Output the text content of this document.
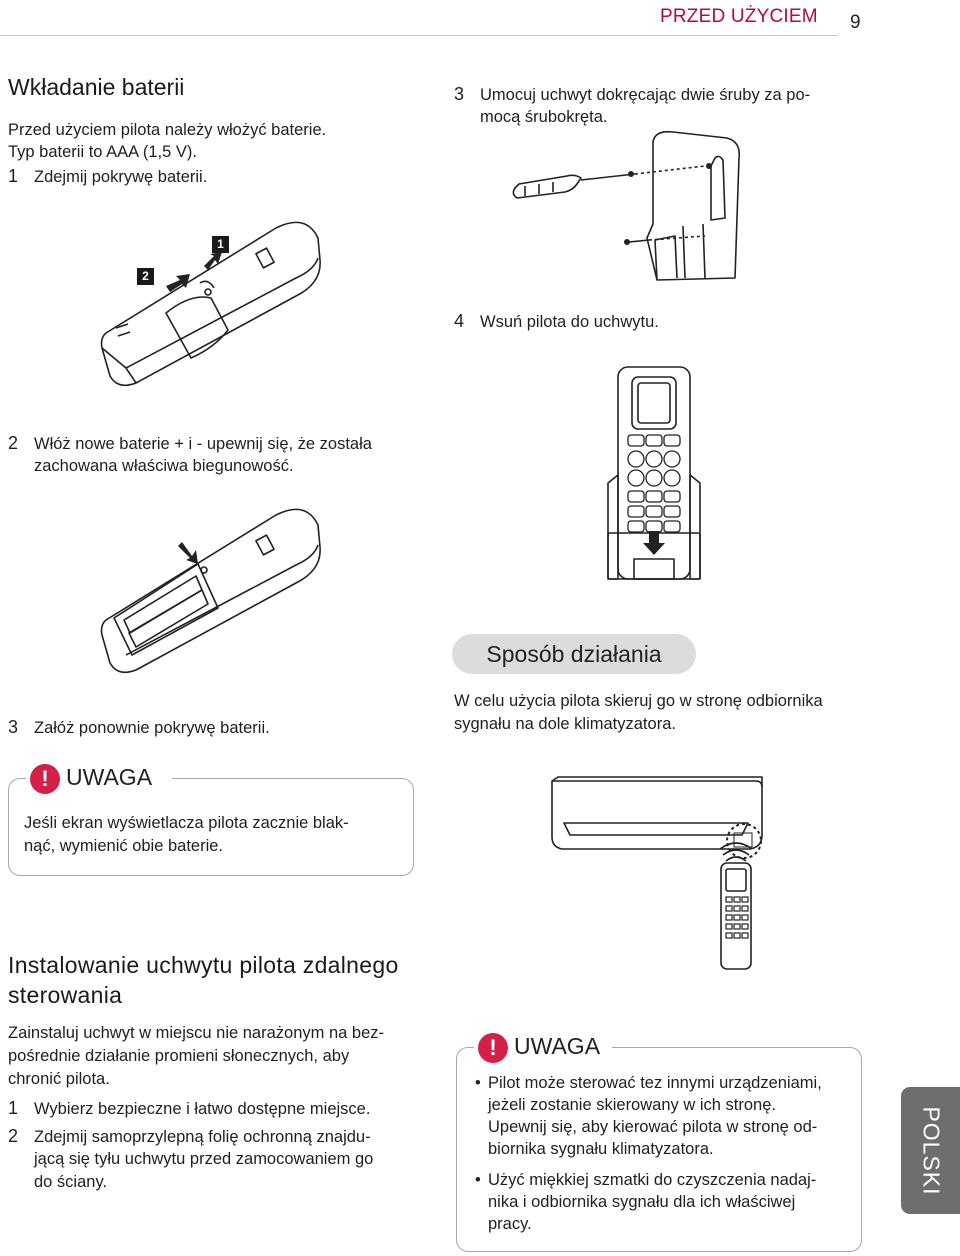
PRZED UŻYCIEM 9
Wkładanie baterii
Przed użyciem pilota należy włożyć baterie.
Typ baterii to AAA (1,5 V).
1 Zdejmij pokrywę baterii.
1
2
2 Włóż nowe baterie + i - upewnij się, że została
zachowana właściwa biegunowość.
3 Załóż ponownie pokrywę baterii.
! UWAGA
Jeśli ekran wyświetlacza pilota zacznie blak-
nąć, wymienić obie baterie.
Instalowanie uchwytu pilota zdalnego
sterowania
Zainstaluj uchwyt w miejscu nie narażonym na bez-
pośrednie działanie promieni słonecznych, aby
chronić pilota.
1 Wybierz bezpieczne i łatwo dostępne miejsce.
2 Zdejmij samoprzylepną folię ochronną znajdu-
jącą się tyłu uchwytu przed zamocowaniem go
do ściany.
3 Umocuj uchwyt dokręcając dwie śruby za po-
mocą śrubokręta.
4 Wsuń pilota do uchwytu.
Sposób działania
W celu użycia pilota skieruj go w stronę odbiornika
sygnału na dole klimatyzatora.
! UWAGA
• Pilot może sterować tez innymi urządzeniami,
jeżeli zostanie skierowany w ich stronę.
Upewnij się, aby kierować pilota w stronę od-
biornika sygnału klimatyzatora.
• Użyć miękkiej szmatki do czyszczenia nadaj-
nika i odbiornika sygnału dla ich właściwej
pracy.
POLSKI
